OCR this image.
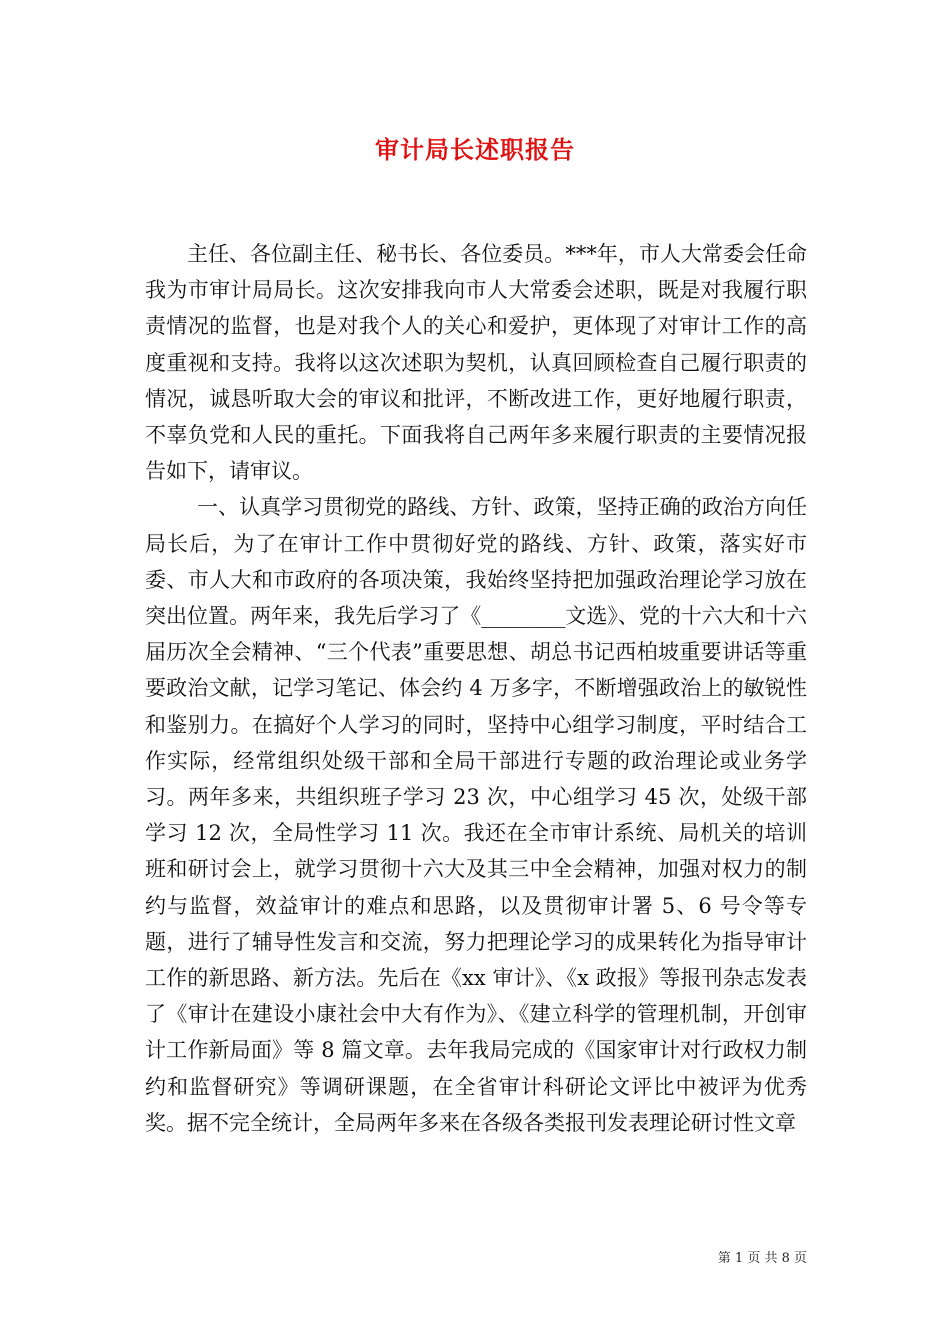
审计局长述职报告

主任、各位副主任、秘书长、各位委员。***年，市人大常委会任命我为市审计局局长。这次安排我向市人大常委会述职，既是对我履行职责情况的监督，也是对我个人的关心和爱护，更体现了对审计工作的高度重视和支持。我将以这次述职为契机，认真回顾检查自己履行职责的情况，诚恳听取大会的审议和批评，不断改进工作，更好地履行职责，不辜负党和人民的重托。下面我将自己两年多来履行职责的主要情况报告如下，请审议。

一、认真学习贯彻党的路线、方针、政策，坚持正确的政治方向任局长后，为了在审计工作中贯彻好党的路线、方针、政策，落实好市委、市人大和市政府的各项决策，我始终坚持把加强政治理论学习放在突出位置。两年来，我先后学习了《________文选》、党的十六大和十六届历次全会精神、“三个代表”重要思想、胡总书记西柏坡重要讲话等重要政治文献，记学习笔记、体会约 4 万多字，不断增强政治上的敏锐性和鉴别力。在搞好个人学习的同时，坚持中心组学习制度，平时结合工作实际，经常组织处级干部和全局干部进行专题的政治理论或业务学习。两年多来，共组织班子学习 23 次，中心组学习 45 次，处级干部学习 12 次，全局性学习 11 次。我还在全市审计系统、局机关的培训班和研讨会上，就学习贯彻十六大及其三中全会精神，加强对权力的制约与监督，效益审计的难点和思路，以及贯彻审计署 5、6 号令等专题，进行了辅导性发言和交流，努力把理论学习的成果转化为指导审计工作的新思路、新方法。先后在《xx 审计》、《x 政报》等报刊杂志发表了《审计在建设小康社会中大有作为》、《建立科学的管理机制，开创审计工作新局面》等 8 篇文章。去年我局完成的《国家审计对行政权力制约和监督研究》等调研课题，在全省审计科研论文评比中被评为优秀奖。据不完全统计，全局两年多来在各级各类报刊发表理论研讨性文章

第 1 页 共 8 页
